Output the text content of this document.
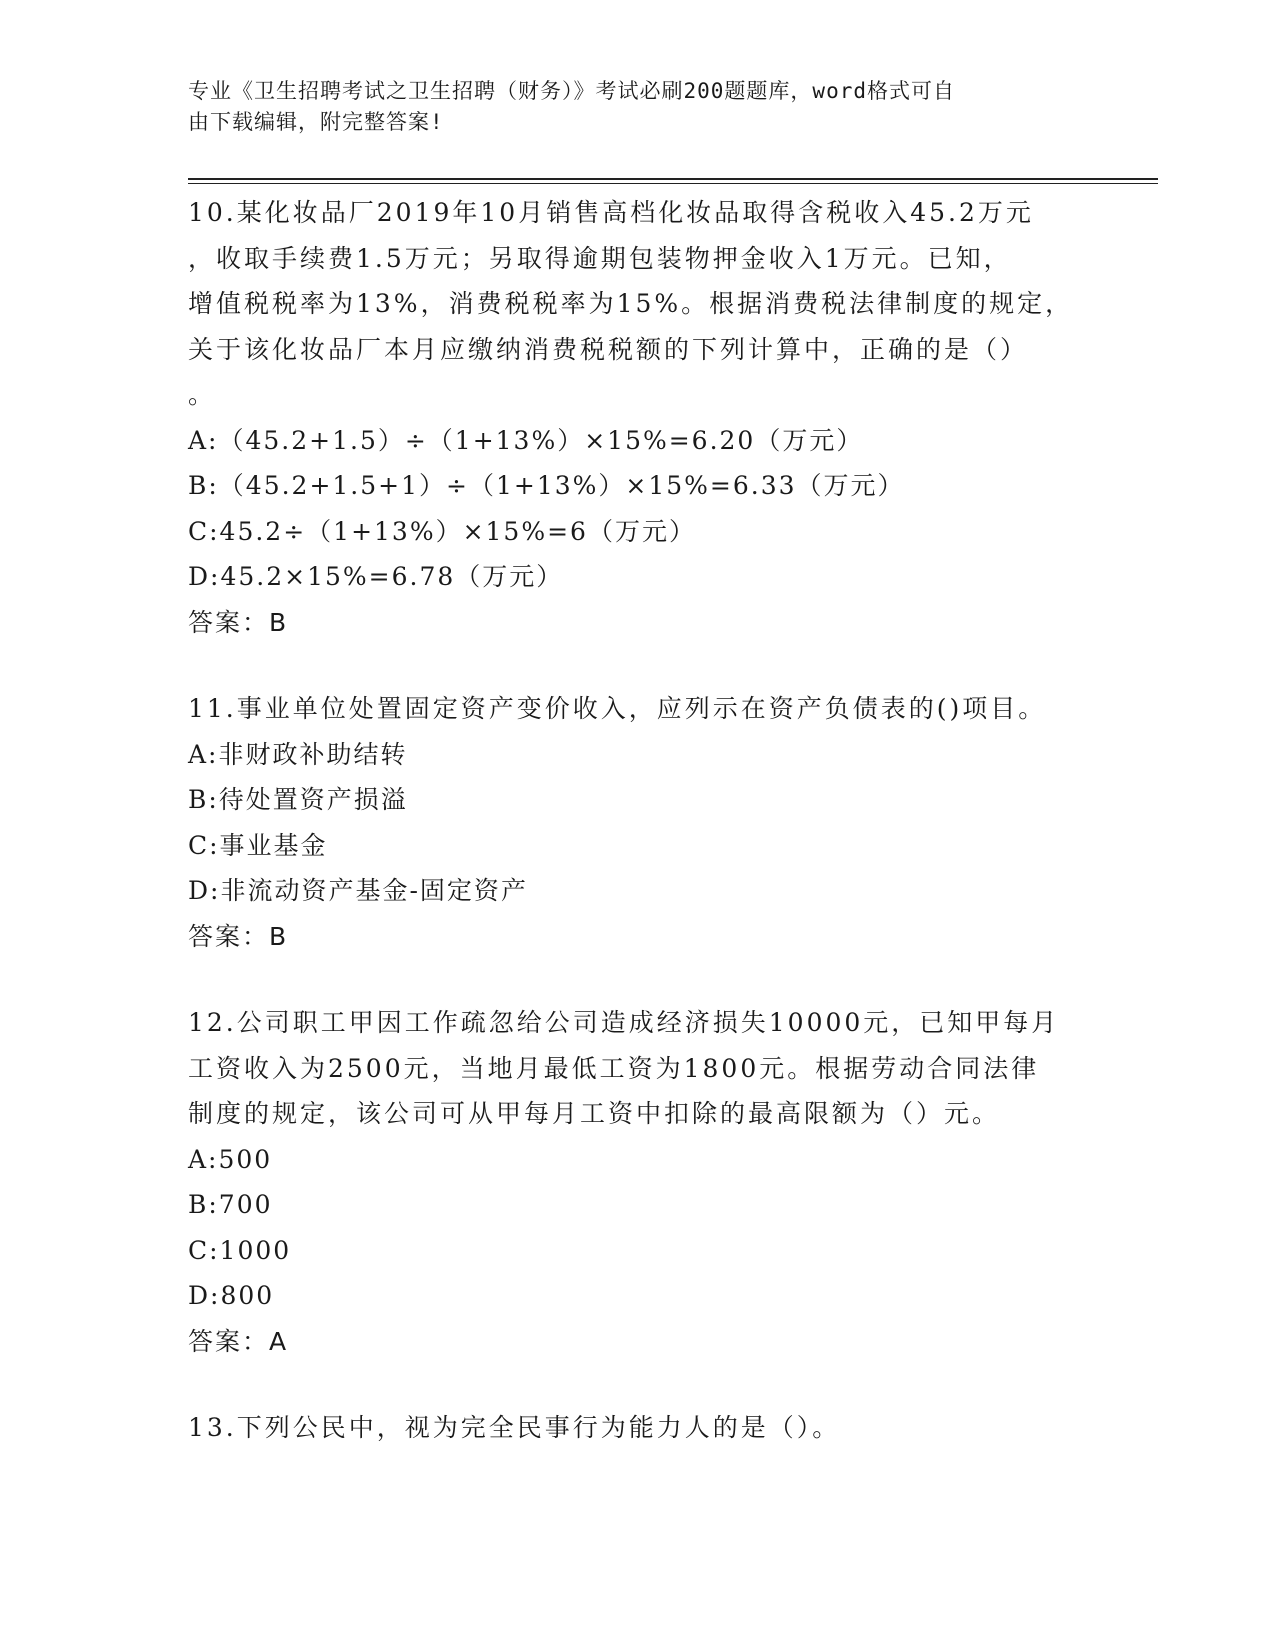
专业《卫生招聘考试之卫生招聘（财务）》考试必刷200题题库，word格式可自
由下载编辑，附完整答案!

10.某化妆品厂2019年10月销售高档化妆品取得含税收入45.2万元

，收取手续费1.5万元；另取得逾期包装物押金收入1万元。已知，

增值税税率为13%，消费税税率为15%。根据消费税法律制度的规定，

关于该化妆品厂本月应缴纳消费税税额的下列计算中，正确的是（）

。

A:（45.2+1.5）÷（1+13%）×15%=6.20（万元）

B:（45.2+1.5+1）÷（1+13%）×15%=6.33（万元）

C:45.2÷（1+13%）×15%=6（万元）

D:45.2×15%=6.78（万元）

答案：B

11.事业单位处置固定资产变价收入，应列示在资产负债表的()项目。

A:非财政补助结转

B:待处置资产损溢

C:事业基金

D:非流动资产基金-固定资产

答案：B

12.公司职工甲因工作疏忽给公司造成经济损失10000元，已知甲每月

工资收入为2500元，当地月最低工资为1800元。根据劳动合同法律

制度的规定，该公司可从甲每月工资中扣除的最高限额为（）元。

A:500

B:700

C:1000

D:800

答案：A

13.下列公民中，视为完全民事行为能力人的是（）。
